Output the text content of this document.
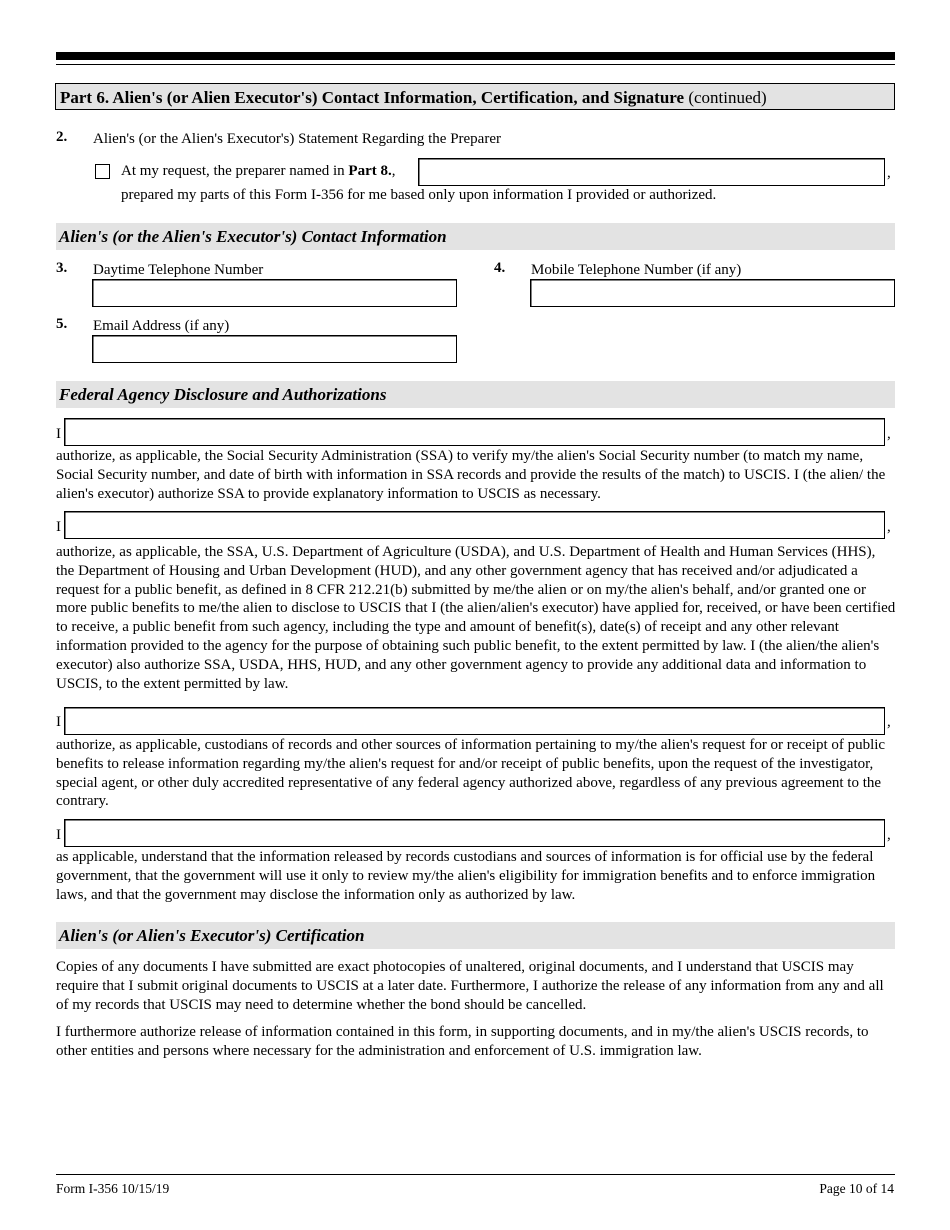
Part 6. Alien's (or Alien Executor's) Contact Information, Certification, and Signature (continued)
2. Alien's (or the Alien's Executor's) Statement Regarding the Preparer
At my request, the preparer named in Part 8.,	,
prepared my parts of this Form I-356 for me based only upon information I provided or authorized.
Alien's (or the Alien's Executor's) Contact Information
3. Daytime Telephone Number	4. Mobile Telephone Number (if any)
5. Email Address (if any)
Federal Agency Disclosure and Authorizations
I	,
authorize, as applicable, the Social Security Administration (SSA) to verify my/the alien's Social Security number (to match my name, Social Security number, and date of birth with information in SSA records and provide the results of the match) to USCIS. I (the alien/ the alien's executor) authorize SSA to provide explanatory information to USCIS as necessary.
I	,
authorize, as applicable, the SSA, U.S. Department of Agriculture (USDA), and U.S. Department of Health and Human Services (HHS), the Department of Housing and Urban Development (HUD), and any other government agency that has received and/or adjudicated a request for a public benefit, as defined in 8 CFR 212.21(b) submitted by me/the alien or on my/the alien's behalf, and/or granted one or more public benefits to me/the alien to disclose to USCIS that I (the alien/alien's executor) have applied for, received, or have been certified to receive, a public benefit from such agency, including the type and amount of benefit(s), date(s) of receipt and any other relevant information provided to the agency for the purpose of obtaining such public benefit, to the extent permitted by law. I (the alien/the alien's executor) also authorize SSA, USDA, HHS, HUD, and any other government agency to provide any additional data and information to USCIS, to the extent permitted by law.
I	,
authorize, as applicable, custodians of records and other sources of information pertaining to my/the alien's request for or receipt of public benefits to release information regarding my/the alien's request for and/or receipt of public benefits, upon the request of the investigator, special agent, or other duly accredited representative of any federal agency authorized above, regardless of any previous agreement to the contrary.
I	,
as applicable, understand that the information released by records custodians and sources of information is for official use by the federal government, that the government will use it only to review my/the alien's eligibility for immigration benefits and to enforce immigration laws, and that the government may disclose the information only as authorized by law.
Alien's (or Alien's Executor's) Certification
Copies of any documents I have submitted are exact photocopies of unaltered, original documents, and I understand that USCIS may require that I submit original documents to USCIS at a later date. Furthermore, I authorize the release of any information from any and all of my records that USCIS may need to determine whether the bond should be cancelled.
I furthermore authorize release of information contained in this form, in supporting documents, and in my/the alien's USCIS records, to other entities and persons where necessary for the administration and enforcement of U.S. immigration law.
Form I-356 10/15/19	Page 10 of 14
